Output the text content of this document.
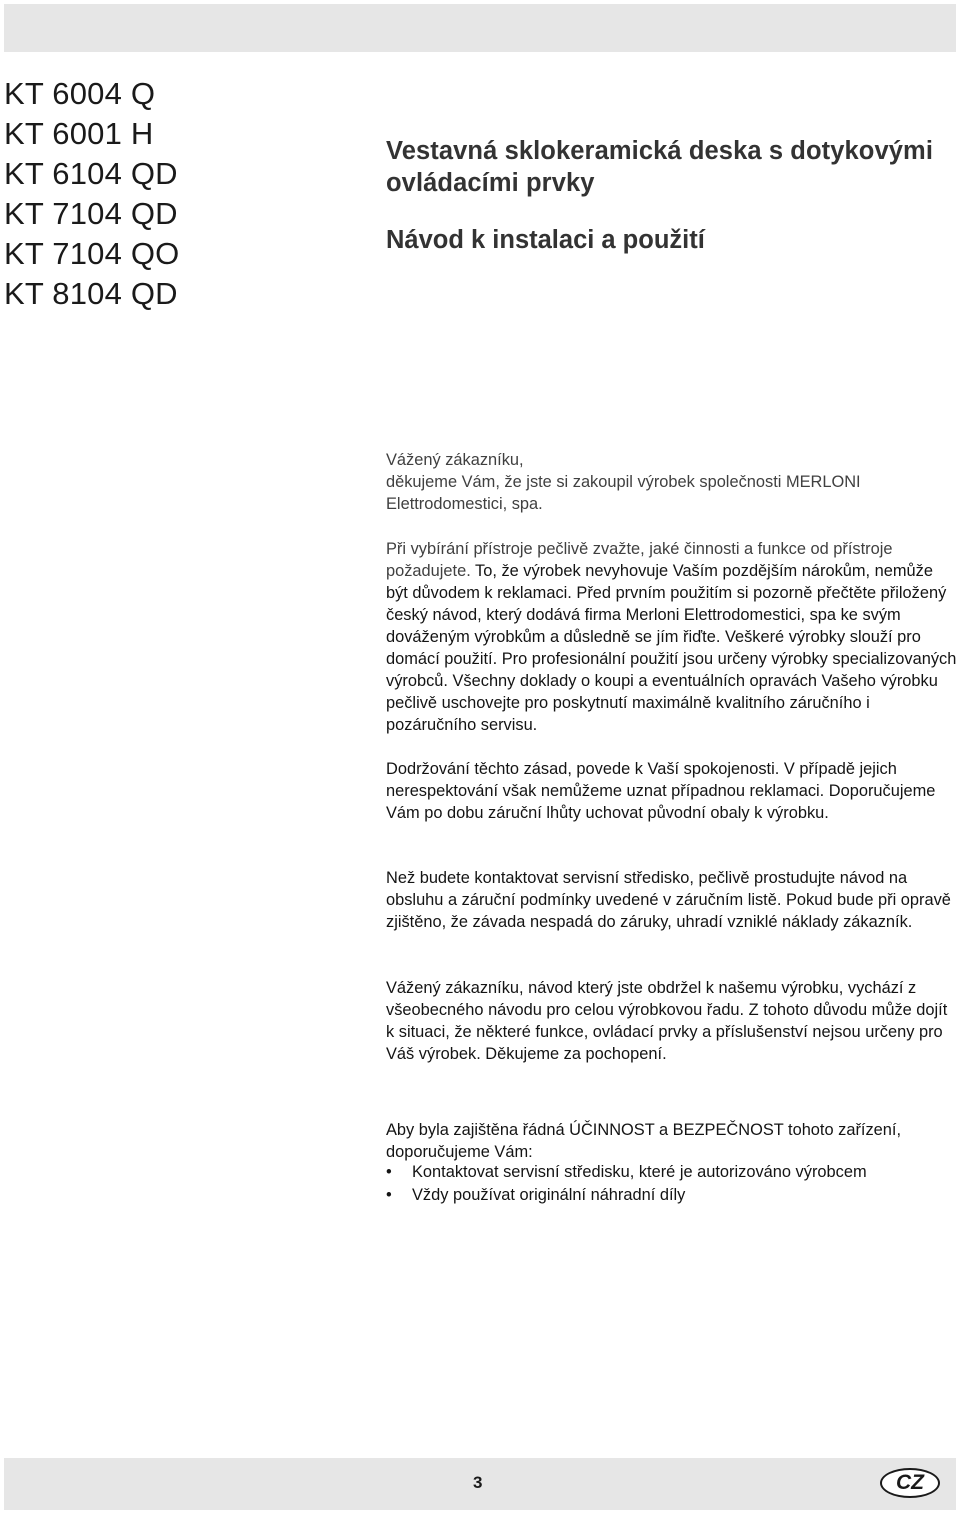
KT 6004 Q
KT 6001 H
KT 6104 QD
KT 7104 QD
KT 7104 QO
KT 8104 QD
Vestavná sklokeramická deska s dotykovými ovládacími prvky
Návod k instalaci a použití

Vážený zákazníku,
děkujeme Vám, že jste si zakoupil výrobek společnosti MERLONI Elettrodomestici, spa.

Při vybírání přístroje pečlivě zvažte, jaké činnosti a funkce od přístroje požadujete. To, že výrobek nevyhovuje Vaším pozdějším nárokům, nemůže být důvodem k reklamaci. Před prvním použitím si pozorně přečtěte přiložený český návod, který dodává firma Merloni Elettrodomestici, spa ke svým dováženým výrobkům a důsledně se jím řiďte. Veškeré výrobky slouží pro domácí použití. Pro profesionální použití jsou určeny výrobky specializovaných výrobců. Všechny doklady o koupi a eventuálních opravách Vašeho výrobku pečlivě uschovejte pro poskytnutí maximálně kvalitního záručního i pozáručního servisu.

Dodržování těchto zásad, povede k Vaší spokojenosti. V případě jejich nerespektování však nemůžeme uznat případnou reklamaci. Doporučujeme Vám po dobu záruční lhůty uchovat původní obaly k výrobku.

Než budete kontaktovat servisní středisko, pečlivě prostudujte návod na obsluhu a záruční podmínky uvedené v záručním listě. Pokud bude při opravě zjištěno, že závada nespadá do záruky, uhradí vzniklé náklady zákazník.

Vážený zákazníku, návod který jste obdržel k našemu výrobku, vychází z všeobecného návodu pro celou výrobkovou řadu. Z tohoto důvodu může dojít k situaci, že některé funkce, ovládací prvky a příslušenství nejsou určeny pro Váš výrobek. Děkujeme za pochopení.

Aby byla zajištěna řádná ÚČINNOST a BEZPEČNOST tohoto zařízení, doporučujeme Vám:

• Kontaktovat servisní středisku, které je autorizováno výrobcem
• Vždy používat originální náhradní díly
3	CZ
